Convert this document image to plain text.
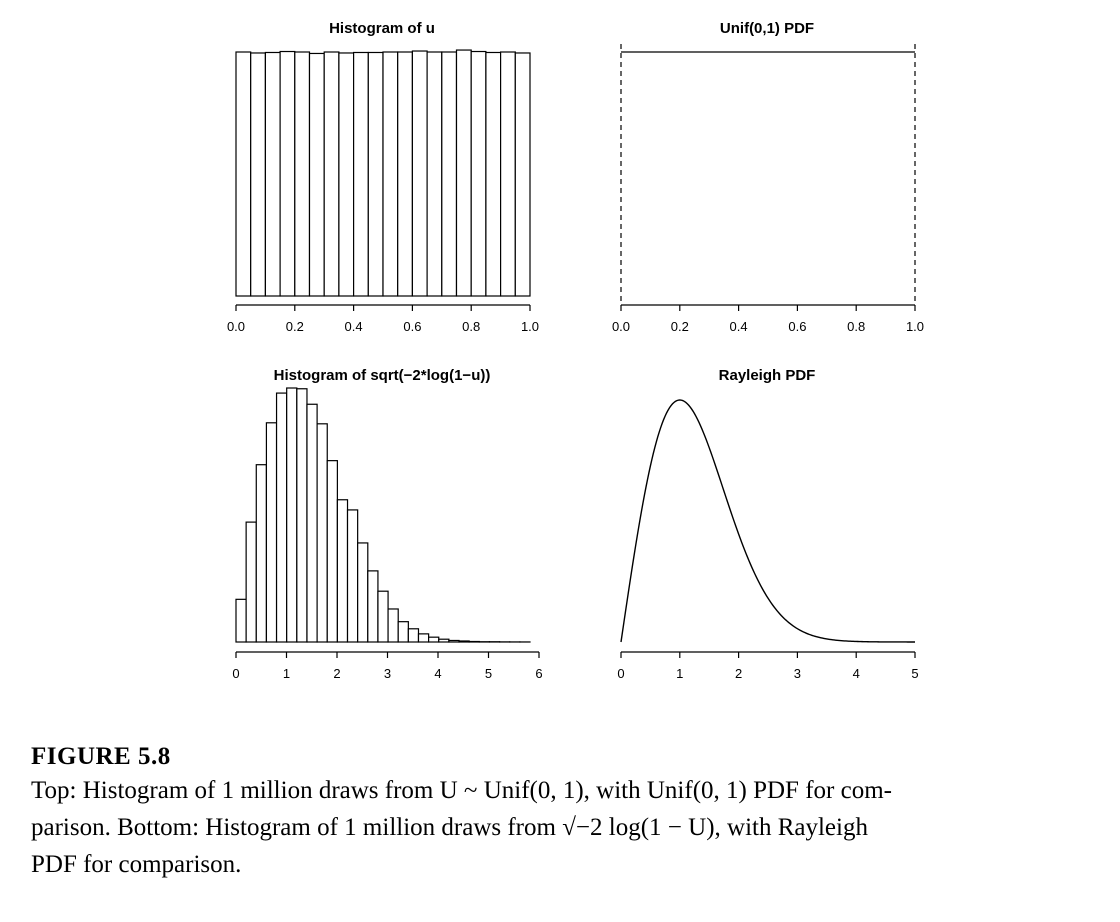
Histogram of u
0.0	0.2	0.4	0.6	0.8	1.0
Unif(0,1) PDF
0.0	0.2	0.4	0.6	0.8	1.0
Histogram of sqrt(−2*log(1−u))
0	1	2	3	4	5	6
Rayleigh PDF
0	1	2	3	4	5
FIGURE 5.8
Top: Histogram of 1 million draws from U ~ Unif(0, 1), with Unif(0, 1) PDF for com-
parison. Bottom: Histogram of 1 million draws from √−2 log(1 − U), with Rayleigh
PDF for comparison.
